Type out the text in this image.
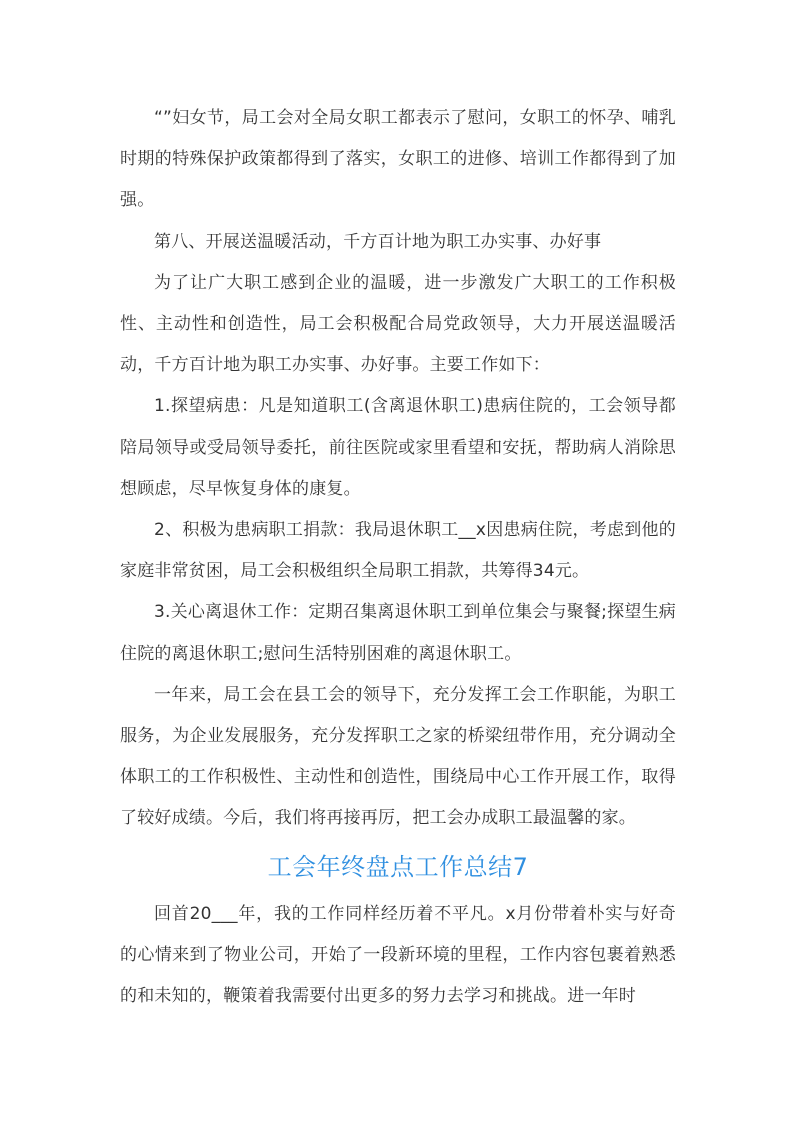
“”妇女节，局工会对全局女职工都表示了慰问，女职工的怀孕、哺乳时期的特殊保护政策都得到了落实，女职工的进修、培训工作都得到了加强。

第八、开展送温暖活动，千方百计地为职工办实事、办好事

为了让广大职工感到企业的温暖，进一步激发广大职工的工作积极性、主动性和创造性，局工会积极配合局党政领导，大力开展送温暖活动，千方百计地为职工办实事、办好事。主要工作如下：

1.探望病患：凡是知道职工(含离退休职工)患病住院的，工会领导都陪局领导或受局领导委托，前往医院或家里看望和安抚，帮助病人消除思想顾虑，尽早恢复身体的康复。

2、积极为患病职工捐款：我局退休职工__x因患病住院，考虑到他的家庭非常贫困，局工会积极组织全局职工捐款，共筹得34元。

3.关心离退休工作：定期召集离退休职工到单位集会与聚餐;探望生病住院的离退休职工;慰问生活特别困难的离退休职工。

一年来，局工会在县工会的领导下，充分发挥工会工作职能，为职工服务，为企业发展服务，充分发挥职工之家的桥梁纽带作用，充分调动全体职工的工作积极性、主动性和创造性，围绕局中心工作开展工作，取得了较好成绩。今后，我们将再接再厉，把工会办成职工最温馨的家。

工会年终盘点工作总结7

回首20___年，我的工作同样经历着不平凡。x月份带着朴实与好奇的心情来到了物业公司，开始了一段新环境的里程，工作内容包裹着熟悉的和未知的，鞭策着我需要付出更多的努力去学习和挑战。进一年时
